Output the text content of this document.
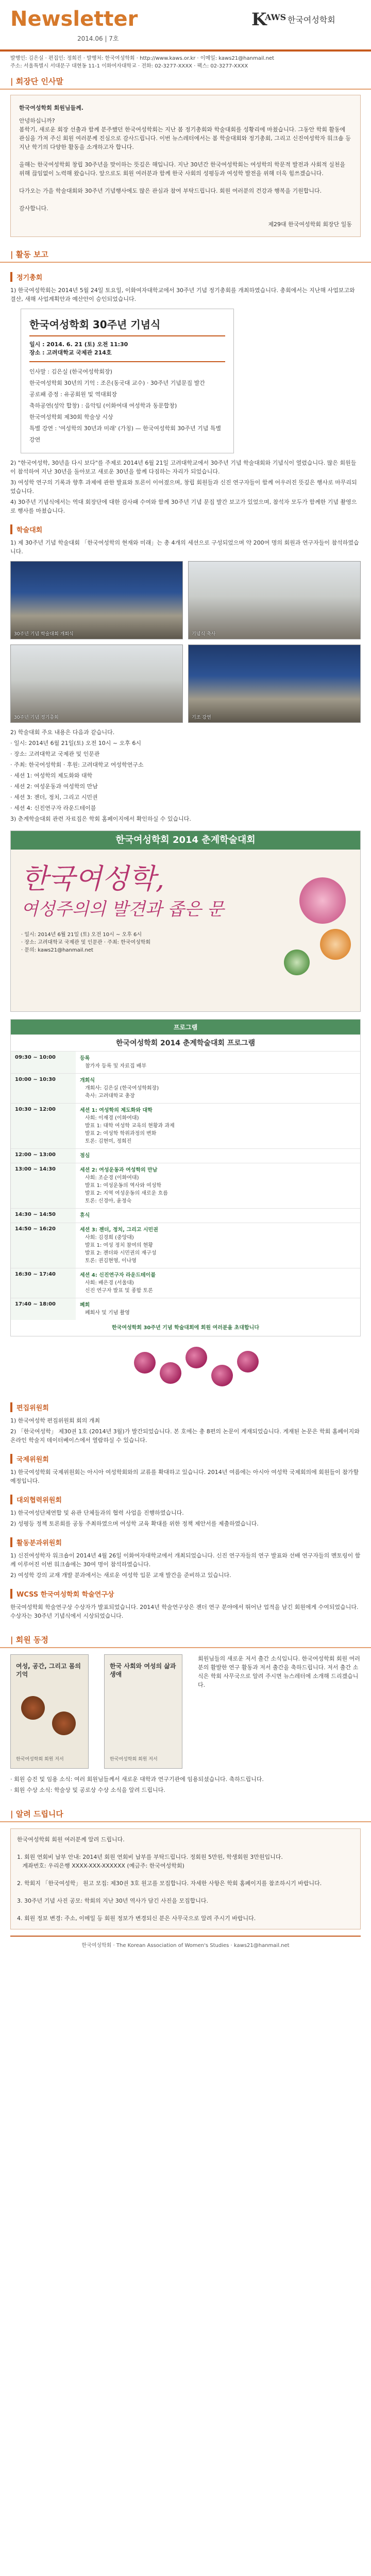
Newsletter
2014.06 | 7호
K
AWS 한국여성학회
발행인: 김은실 · 편집인: 정희진 · 발행처: 한국여성학회 · http://www.kaws.or.kr · 이메일: kaws21@hanmail.net
주소: 서울특별시 서대문구 대현동 11-1 이화여자대학교 · 전화: 02-3277-XXXX · 팩스: 02-3277-XXXX
| 회장단 인사말
한국여성학회 회원님들께.
안녕하십니까?
봄학기, 새로운 회장 선출과 함께 분주했던 한국여성학회는 지난 봄 정기총회와 학술대회를 성황리에 마쳤습니다. 그동안 학회 활동에 관심을 가져 주신 회원 여러분께 진심으로 감사드립니다. 이번 뉴스레터에서는 봄 학술대회와 정기총회, 그리고 신진여성학자 워크숍 등 지난 학기의 다양한 활동을 소개하고자 합니다.

올해는 한국여성학회 창립 30주년을 맞이하는 뜻깊은 해입니다. 지난 30년간 한국여성학회는 여성학의 학문적 발전과 사회적 실천을 위해 끊임없이 노력해 왔습니다. 앞으로도 회원 여러분과 함께 한국 사회의 성평등과 여성학 발전을 위해 더욱 힘쓰겠습니다.

다가오는 가을 학술대회와 30주년 기념행사에도 많은 관심과 참여 부탁드립니다. 회원 여러분의 건강과 행복을 기원합니다.

감사합니다.
제29대 한국여성학회 회장단 일동
| 활동 보고
정기총회
1) 한국여성학회는 2014년 5월 24일 토요일, 이화여자대학교에서 30주년 기념 정기총회를 개최하였습니다. 총회에서는 지난해 사업보고와 결산, 새해 사업계획안과 예산안이 승인되었습니다.
한국여성학회 30주년 기념식
일시 : 2014. 6. 21 (토) 오전 11:30
장소 : 고려대학교 국제관 214호
인사말 : 김은실 (한국여성학회장)
한국여성학회 30년의 기억 : 조은(동국대 교수) · 30주년 기념문집 발간
공로패 증정 : 유공회원 및 역대회장
축하공연(성악 합창) : 음악팀 (이화여대 여성학과 동문합창)
한국여성학회 제30회 학술상 시상
특별 강연 : '여성학의 30년과 미래' (가칭) — 한국여성학회 30주년 기념 특별강연
2) "한국여성학, 30년을 다시 보다"를 주제로 2014년 6월 21일 고려대학교에서 30주년 기념 학술대회와 기념식이 열렸습니다. 많은 회원들이 참석하여 지난 30년을 돌아보고 새로운 30년을 함께 다짐하는 자리가 되었습니다.
3) 여성학 연구의 기록과 향후 과제에 관한 발표와 토론이 이어졌으며, 창립 회원들과 신진 연구자들이 함께 어우러진 뜻깊은 행사로 마무리되었습니다.
4) 30주년 기념식에서는 역대 회장단에 대한 감사패 수여와 함께 30주년 기념 문집 발간 보고가 있었으며, 참석자 모두가 함께한 기념 촬영으로 행사를 마쳤습니다.
학술대회
1) 제 30주년 기념 학술대회 「한국여성학의 현재와 미래」는 총 4개의 세션으로 구성되었으며 약 200여 명의 회원과 연구자들이 참석하였습니다.
30주년 기념 학술대회 개회식	기념식 축사
30주년 기념 정기총회	기조 강연
2) 학술대회 주요 내용은 다음과 같습니다.
· 일시: 2014년 6월 21일(토) 오전 10시 ~ 오후 6시
· 장소: 고려대학교 국제관 및 인문관
· 주최: 한국여성학회 · 후원: 고려대학교 여성학연구소
· 세션 1: 여성학의 제도화와 대학
· 세션 2: 여성운동과 여성학의 만남
· 세션 3: 젠더, 정치, 그리고 시민권
· 세션 4: 신진연구자 라운드테이블
3) 춘계학술대회 관련 자료집은 학회 홈페이지에서 확인하실 수 있습니다.
한국여성학회 2014 춘계학술대회
한국여성학,
여성주의의 발견과 좁은 문
· 일시: 2014년 6월 21일 (토) 오전 10시 ~ 오후 6시
· 장소: 고려대학교 국제관 및 인문관 · 주최: 한국여성학회
· 문의: kaws21@hanmail.net
프로그램
한국여성학회 2014 춘계학술대회 프로그램
09:30 ~ 10:00	등록
참가자 등록 및 자료집 배부
10:00 ~ 10:30	개회식
개회사: 김은실 (한국여성학회장)
축사: 고려대학교 총장
10:30 ~ 12:00	세션 1: 여성학의 제도화와 대학
사회: 이재경 (이화여대)
발표 1: 대학 여성학 교육의 현황과 과제
발표 2: 여성학 학위과정의 변화
토론: 김현미, 정희진
12:00 ~ 13:00	점심
13:00 ~ 14:30	세션 2: 여성운동과 여성학의 만남
사회: 조순경 (이화여대)
발표 1: 여성운동의 역사와 여성학
발표 2: 지역 여성운동의 새로운 흐름
토론: 신경아, 윤정숙
14:30 ~ 14:50	휴식
14:50 ~ 16:20	세션 3: 젠더, 정치, 그리고 시민권
사회: 김경희 (중앙대)
발표 1: 여성 정치 참여의 현황
발표 2: 젠더와 시민권의 재구성
토론: 권김현영, 이나영
16:30 ~ 17:40	세션 4: 신진연구자 라운드테이블
사회: 배은경 (서울대)
신진 연구자 발표 및 종합 토론
17:40 ~ 18:00	폐회
폐회사 및 기념 촬영
한국여성학회 30주년 기념 학술대회에 회원 여러분을 초대합니다
편집위원회
1) 한국여성학 편집위원회 회의 개최
2) 「한국여성학」 제30권 1호 (2014년 3월)가 발간되었습니다. 본 호에는 총 8편의 논문이 게재되었습니다. 게재된 논문은 학회 홈페이지와 온라인 학술지 데이터베이스에서 열람하실 수 있습니다.
국제위원회
1) 한국여성학회 국제위원회는 아시아 여성학회와의 교류를 확대하고 있습니다. 2014년 여름에는 아시아 여성학 국제회의에 회원들이 참가할 예정입니다.
대외협력위원회
1) 한국여성단체연합 및 유관 단체들과의 협력 사업을 진행하였습니다.
2) 성평등 정책 토론회를 공동 주최하였으며 여성학 교육 확대를 위한 정책 제안서를 제출하였습니다.
활동분과위원회
1) 신진여성학자 워크숍이 2014년 4월 26일 이화여자대학교에서 개최되었습니다. 신진 연구자들의 연구 발표와 선배 연구자들의 멘토링이 함께 이루어진 이번 워크숍에는 30여 명이 참석하였습니다.
2) 여성학 강의 교재 개발 분과에서는 새로운 여성학 입문 교재 발간을 준비하고 있습니다.
WCSS 한국여성학회 학술연구상
한국여성학회 학술연구상 수상자가 발표되었습니다. 2014년 학술연구상은 젠더 연구 분야에서 뛰어난 업적을 남긴 회원에게 수여되었습니다. 수상자는 30주년 기념식에서 시상되었습니다.
| 회원 동정
여성, 공간, 그리고 몸의 기억
한국여성학회 회원 저서
한국 사회와 여성의 삶과 생애
한국여성학회 회원 저서
회원님들의 새로운 저서 출간 소식입니다. 한국여성학회 회원 여러분의 활발한 연구 활동과 저서 출간을 축하드립니다. 저서 출간 소식은 학회 사무국으로 알려 주시면 뉴스레터에 소개해 드리겠습니다.
· 회원 승진 및 임용 소식: 여러 회원님들께서 새로운 대학과 연구기관에 임용되셨습니다. 축하드립니다.
· 회원 수상 소식: 학술상 및 공로상 수상 소식을 알려 드립니다.
| 알려 드립니다
한국여성학회 회원 여러분께 알려 드립니다.

1. 회원 연회비 납부 안내: 2014년 회원 연회비 납부를 부탁드립니다. 정회원 5만원, 학생회원 3만원입니다.
계좌번호: 우리은행 XXXX-XXX-XXXXXX (예금주: 한국여성학회)

2. 학회지 「한국여성학」 원고 모집: 제30권 3호 원고를 모집합니다. 자세한 사항은 학회 홈페이지를 참조하시기 바랍니다.

3. 30주년 기념 사진 공모: 학회의 지난 30년 역사가 담긴 사진을 모집합니다.

4. 회원 정보 변경: 주소, 이메일 등 회원 정보가 변경되신 분은 사무국으로 알려 주시기 바랍니다.
한국여성학회 · The Korean Association of Women's Studies · kaws21@hanmail.net
